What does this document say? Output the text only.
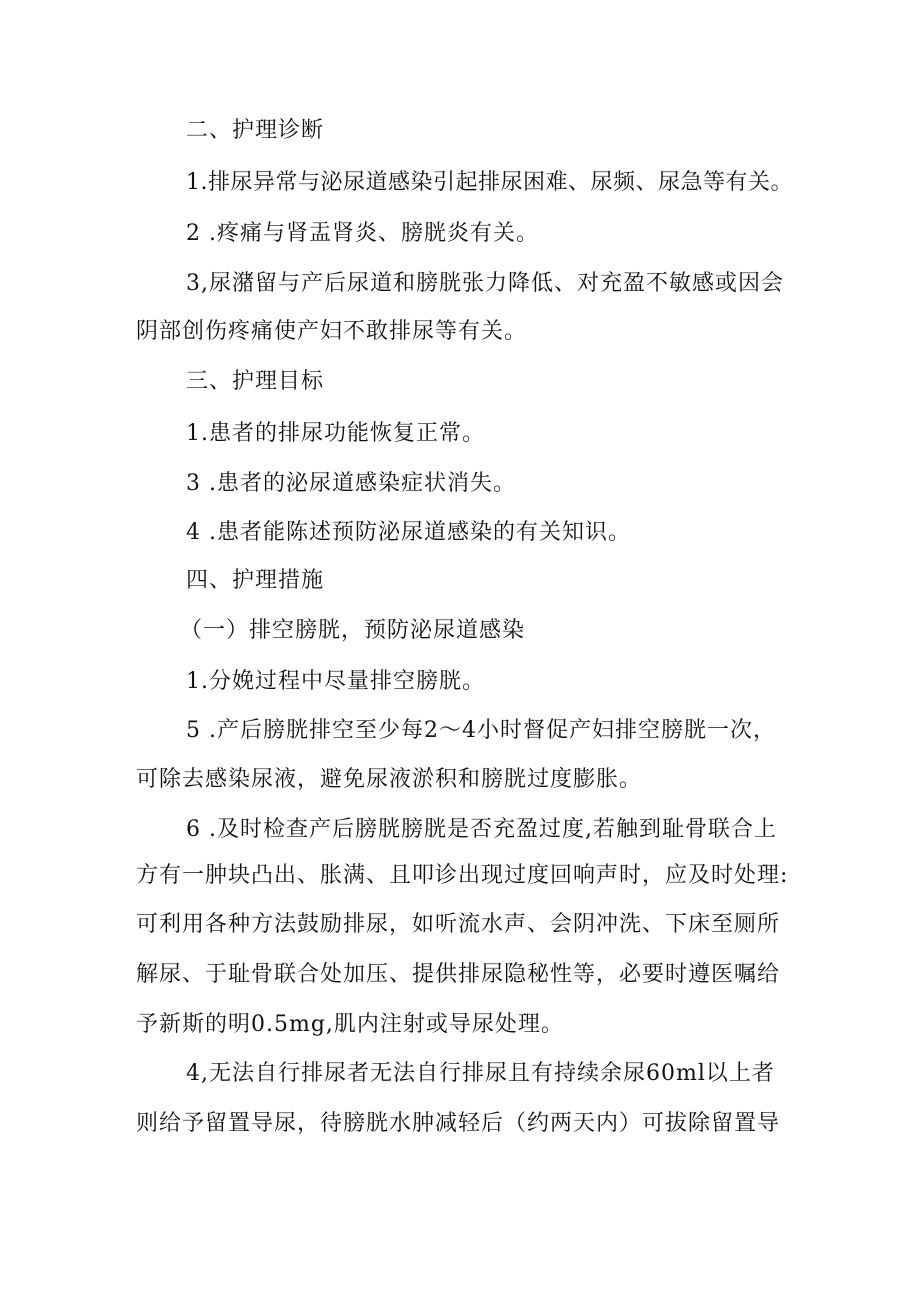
二、护理诊断
1.排尿异常与泌尿道感染引起排尿困难、尿频、尿急等有关。
2 .疼痛与肾盂肾炎、膀胱炎有关。
3,尿潴留与产后尿道和膀胱张力降低、对充盈不敏感或因会
阴部创伤疼痛使产妇不敢排尿等有关。
三、护理目标
1.患者的排尿功能恢复正常。
3 .患者的泌尿道感染症状消失。
4 .患者能陈述预防泌尿道感染的有关知识。
四、护理措施
（一）排空膀胱，预防泌尿道感染
1.分娩过程中尽量排空膀胱。
5 .产后膀胱排空至少每2～4小时督促产妇排空膀胱一次，
可除去感染尿液，避免尿液淤积和膀胱过度膨胀。
6 .及时检查产后膀胱膀胱是否充盈过度,若触到耻骨联合上
方有一肿块凸出、胀满、且叩诊出现过度回响声时，应及时处理:
可利用各种方法鼓励排尿，如听流水声、会阴冲洗、下床至厕所
解尿、于耻骨联合处加压、提供排尿隐秘性等，必要时遵医嘱给
予新斯的明0.5mg,肌内注射或导尿处理。
4,无法自行排尿者无法自行排尿且有持续余尿60ml以上者
则给予留置导尿，待膀胱水肿减轻后（约两天内）可拔除留置导
